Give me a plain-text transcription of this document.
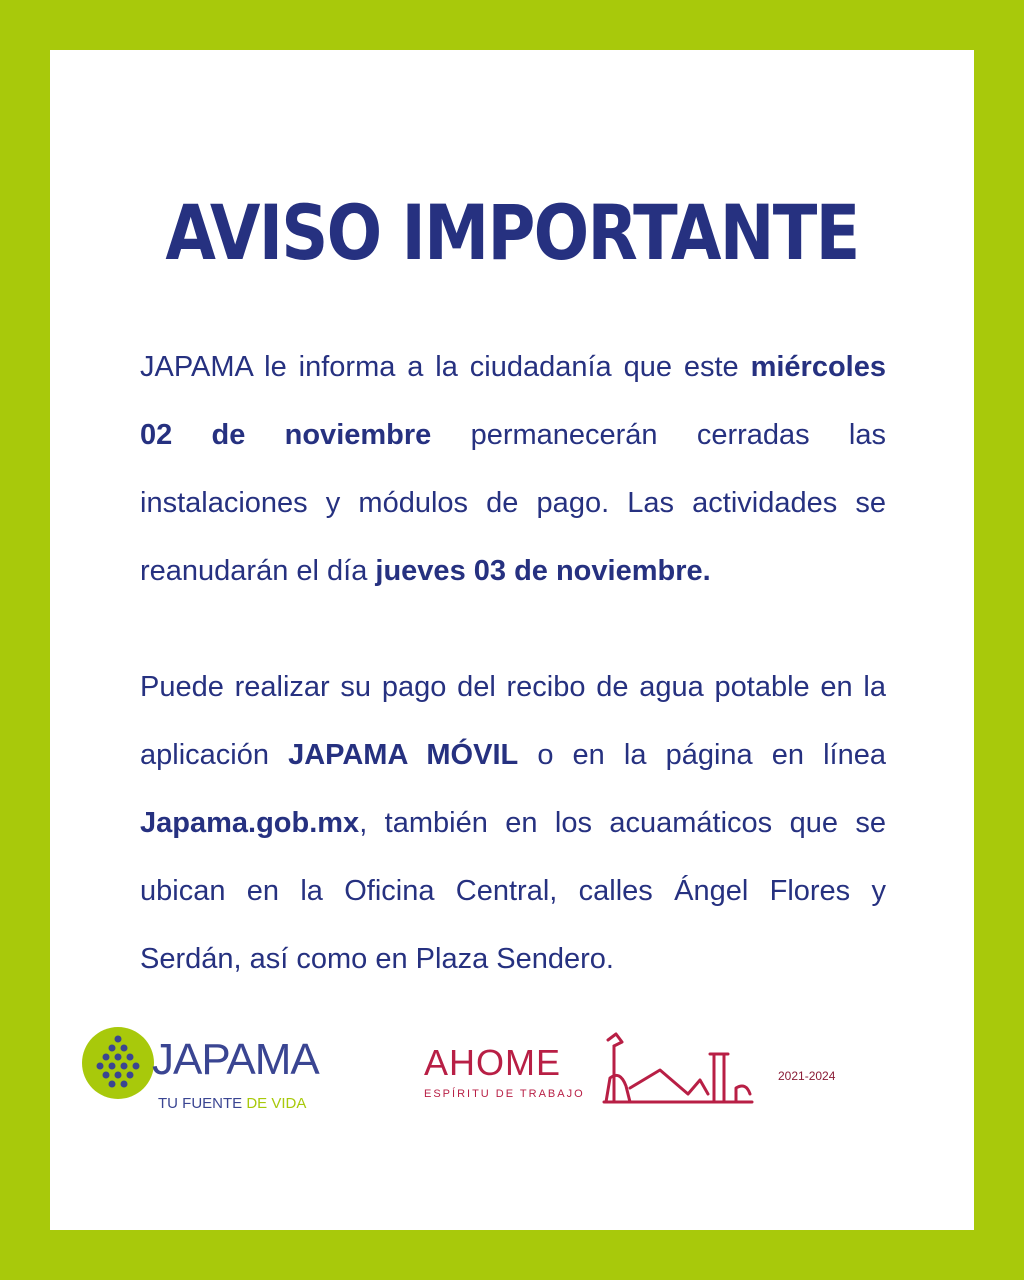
AVISO IMPORTANTE

JAPAMA le informa a la ciudadanía que este miércoles 02 de noviembre permanecerán cerradas las instalaciones y módulos de pago. Las actividades se reanudarán el día jueves 03 de noviembre.

Puede realizar su pago del recibo de agua potable en la aplicación JAPAMA MÓVIL o en la página en línea Japama.gob.mx, también en los acuamáticos que se ubican en la Oficina Central, calles Ángel Flores y Serdán, así como en Plaza Sendero.

JAPAMA
TU FUENTE DE VIDA
AHOME
ESPÍRITU DE TRABAJO
2021-2024
